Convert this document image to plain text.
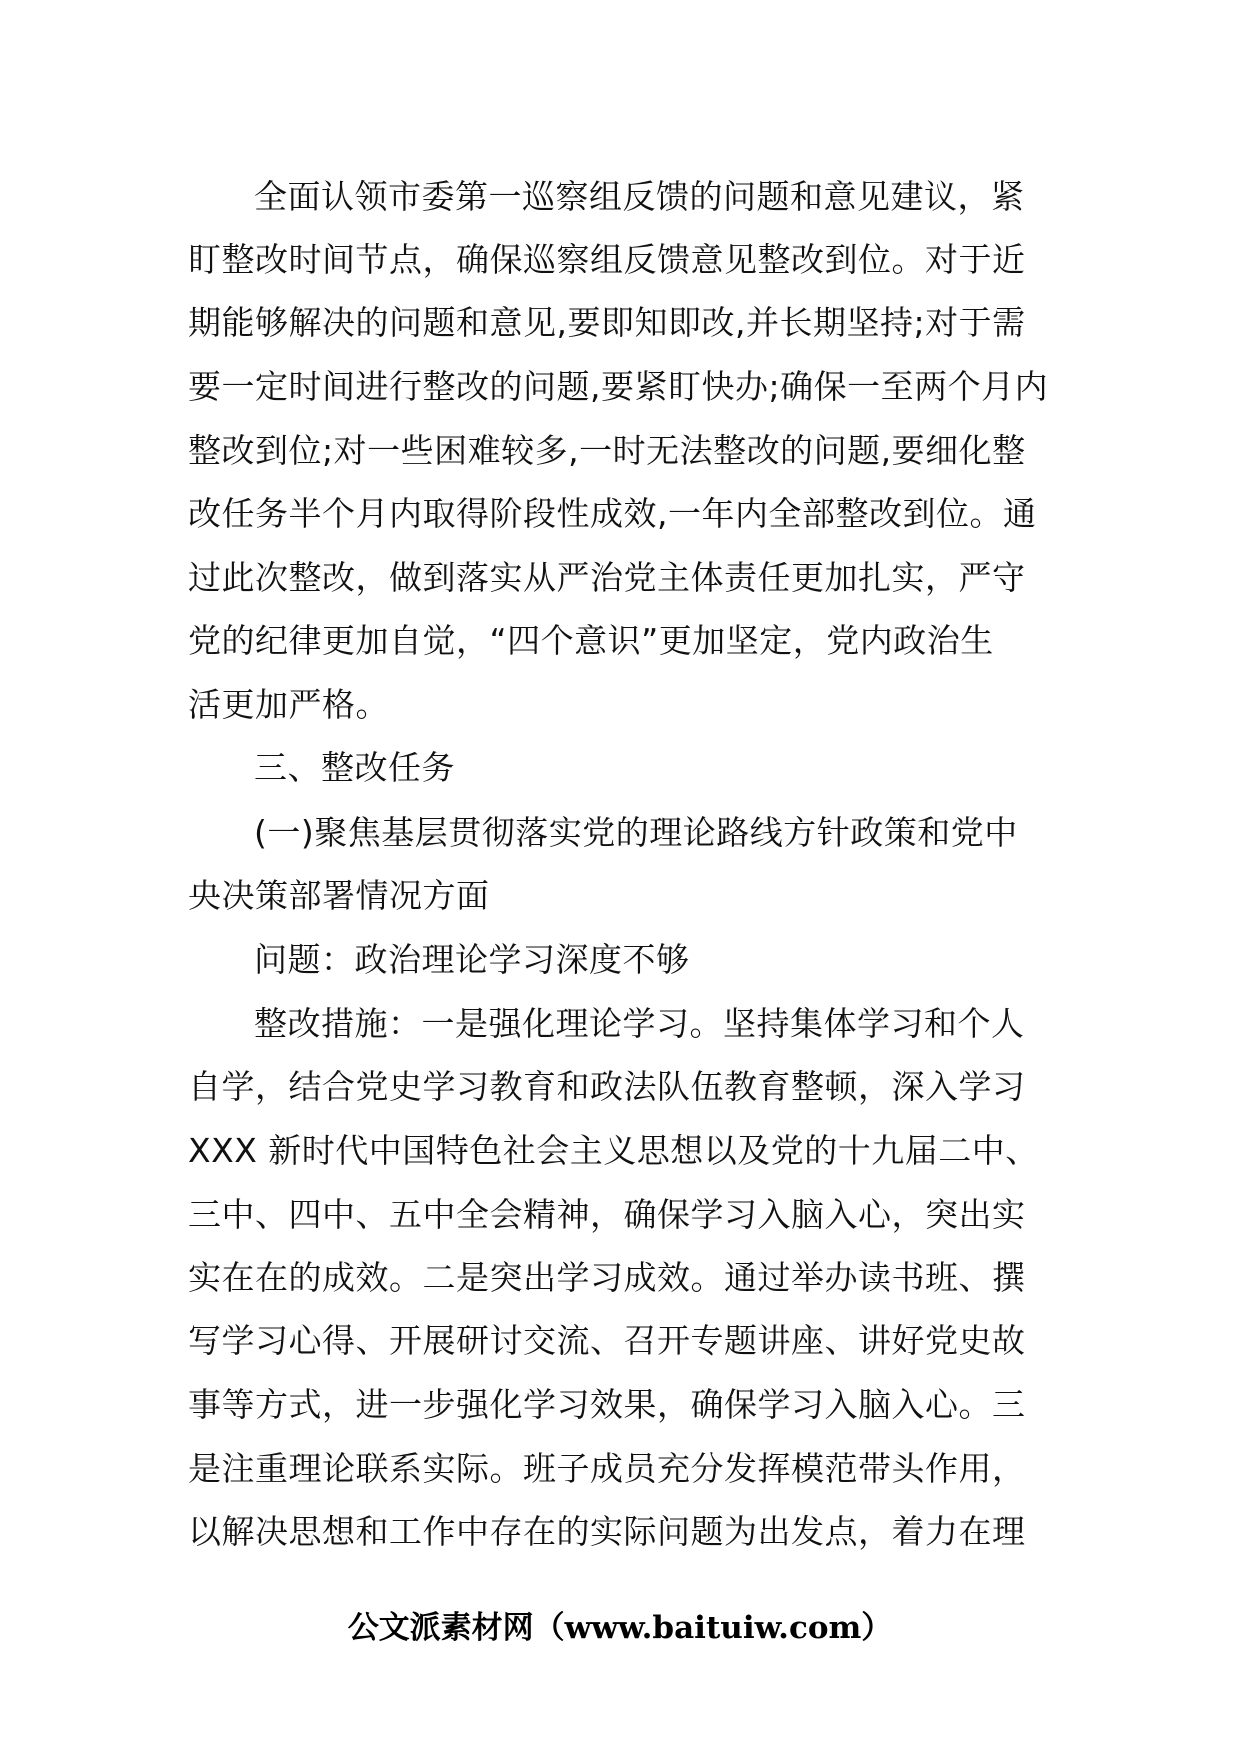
全面认领市委第一巡察组反馈的问题和意见建议，紧
盯整改时间节点，确保巡察组反馈意见整改到位。对于近
期能够解决的问题和意见,要即知即改,并长期坚持;对于需
要一定时间进行整改的问题,要紧盯快办;确保一至两个月内
整改到位;对一些困难较多,一时无法整改的问题,要细化整
改任务半个月内取得阶段性成效,一年内全部整改到位。通
过此次整改，做到落实从严治党主体责任更加扎实，严守
党的纪律更加自觉，“四个意识”更加坚定，党内政治生
活更加严格。
三、整改任务
(一)聚焦基层贯彻落实党的理论路线方针政策和党中
央决策部署情况方面
问题：政治理论学习深度不够
整改措施：一是强化理论学习。坚持集体学习和个人
自学，结合党史学习教育和政法队伍教育整顿，深入学习
XXX 新时代中国特色社会主义思想以及党的十九届二中、
三中、四中、五中全会精神，确保学习入脑入心，突出实
实在在的成效。二是突出学习成效。通过举办读书班、撰
写学习心得、开展研讨交流、召开专题讲座、讲好党史故
事等方式，进一步强化学习效果，确保学习入脑入心。三
是注重理论联系实际。班子成员充分发挥模范带头作用，
以解决思想和工作中存在的实际问题为出发点，着力在理
公文派素材网（www.baituiw.com）
